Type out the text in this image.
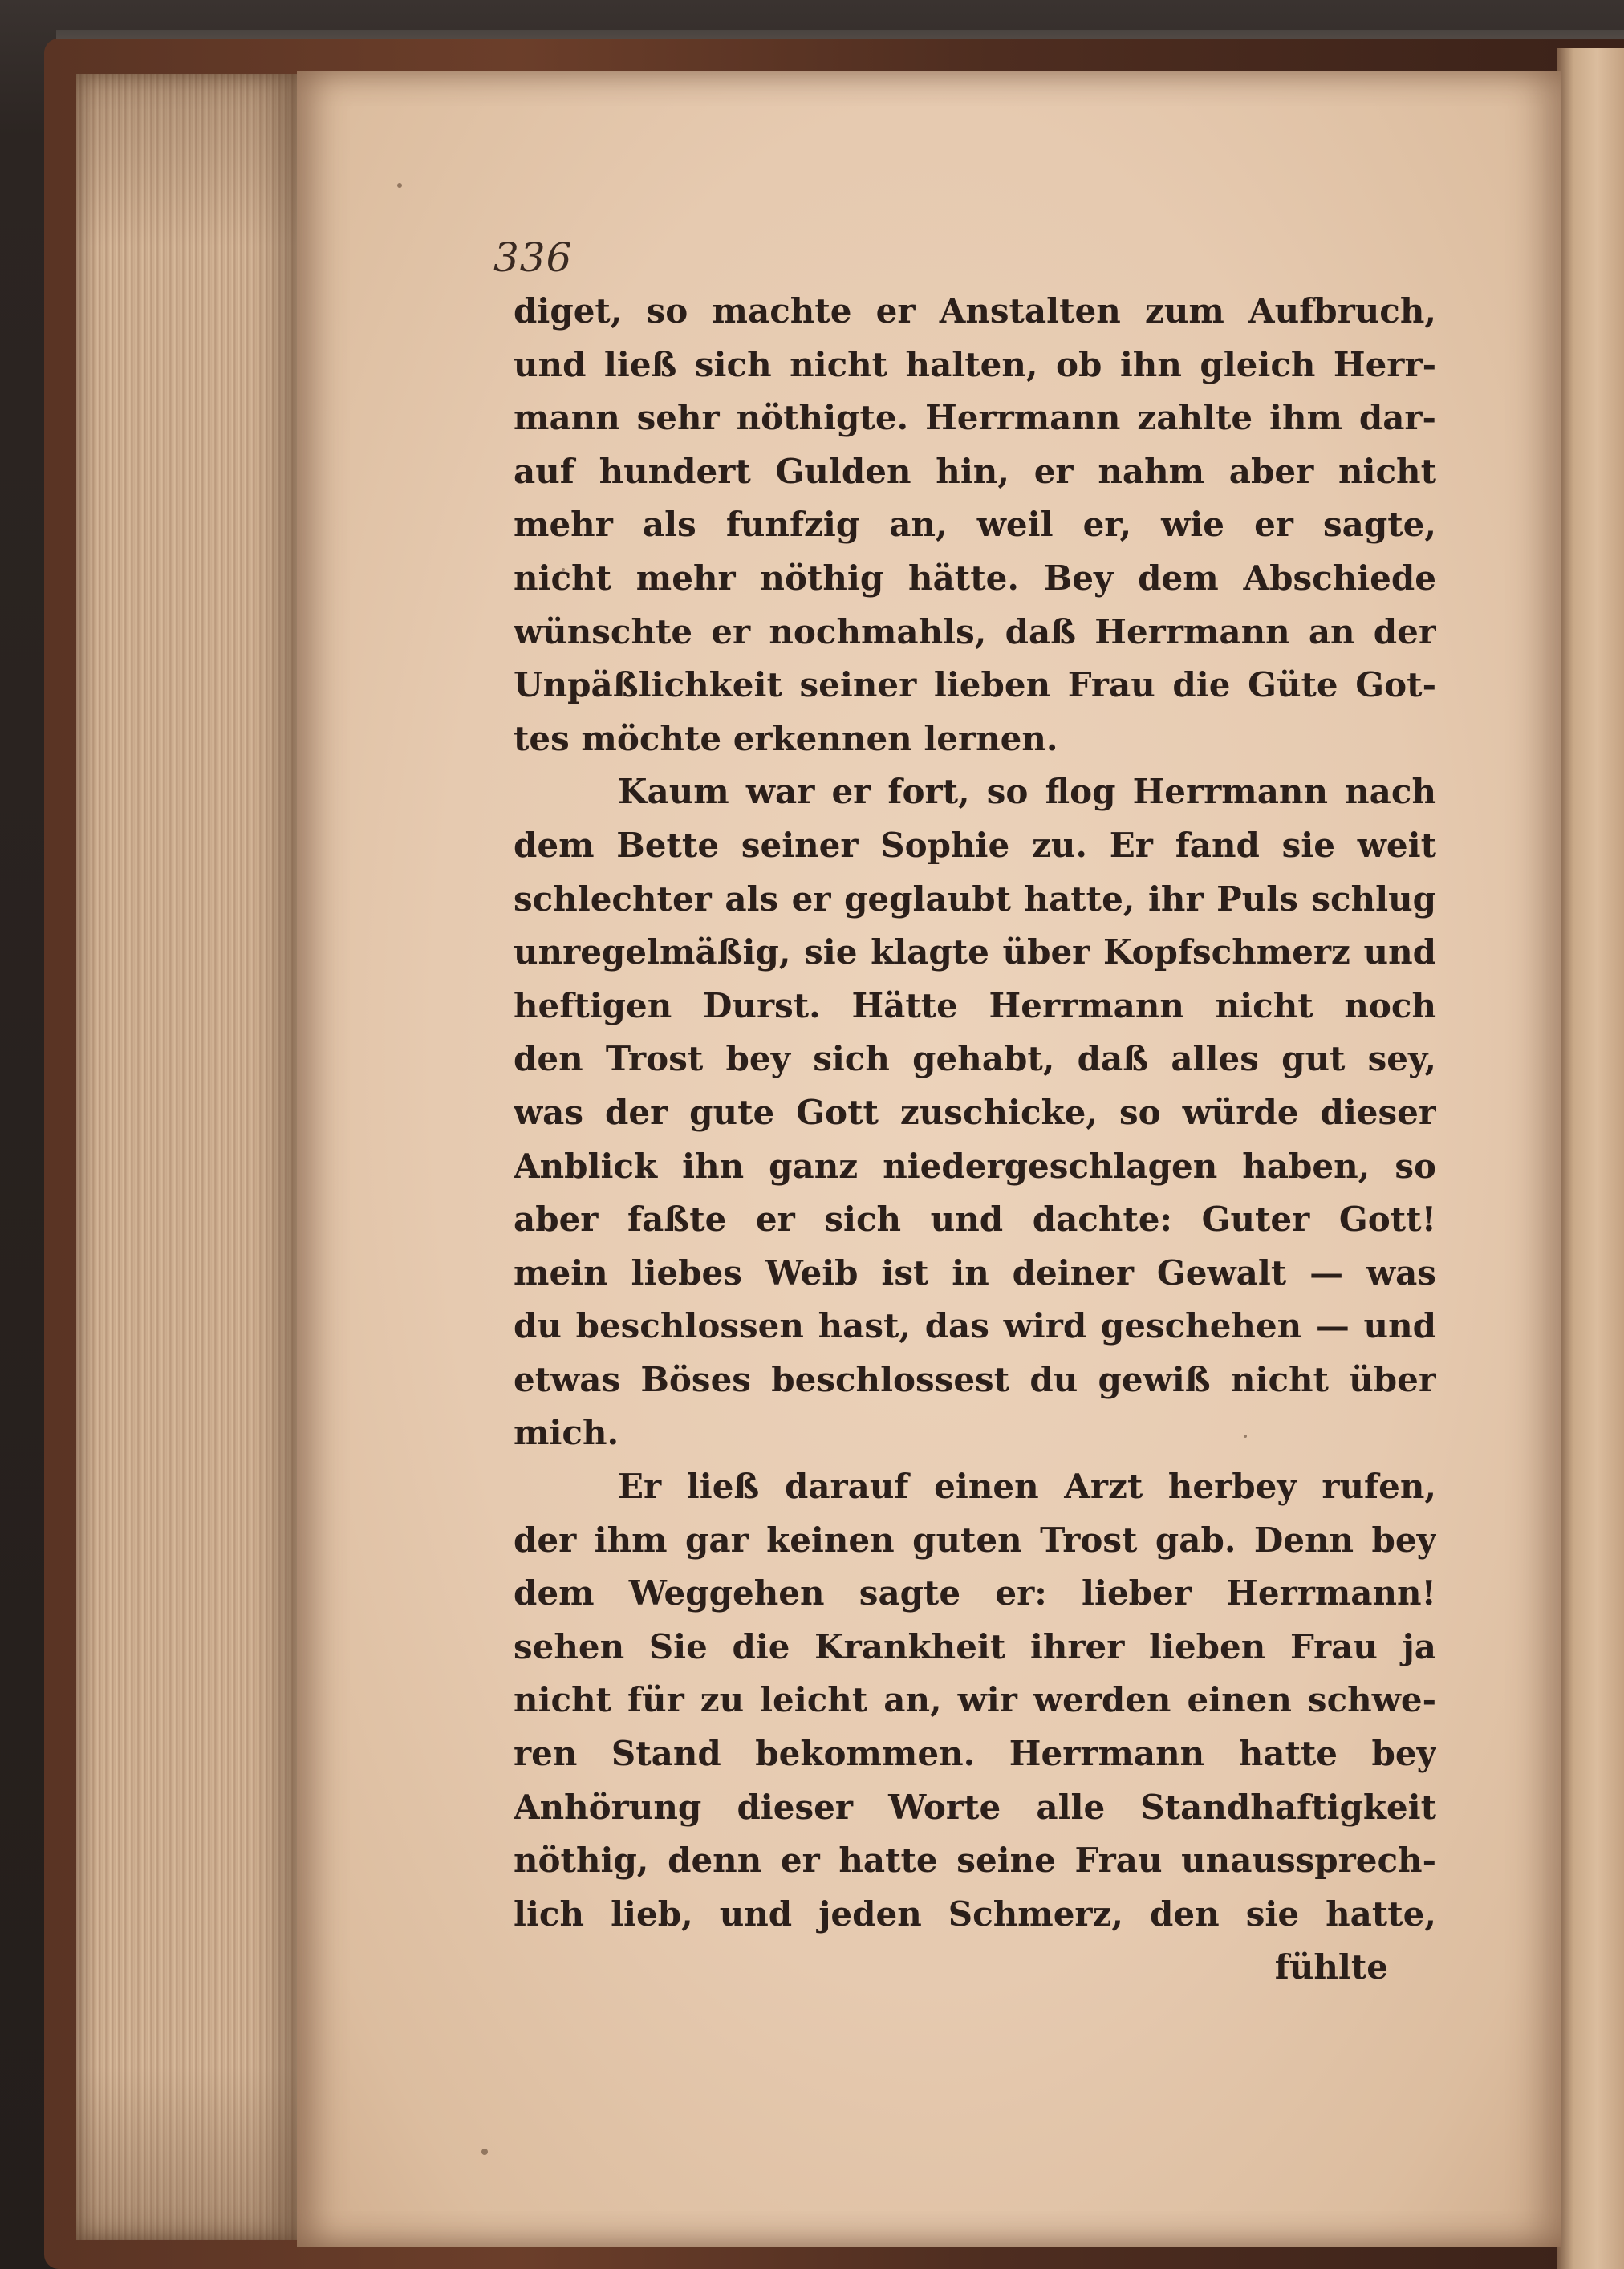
336
diget, so machte er Anstalten zum Aufbruch,
und ließ sich nicht halten, ob ihn gleich Herr-
mann sehr nöthigte. Herrmann zahlte ihm dar-
auf hundert Gulden hin, er nahm aber nicht
mehr als funfzig an, weil er, wie er sagte,
nicht mehr nöthig hätte. Bey dem Abschiede
wünschte er nochmahls, daß Herrmann an der
Unpäßlichkeit seiner lieben Frau die Güte Got-
tes möchte erkennen lernen.
Kaum war er fort, so flog Herrmann nach
dem Bette seiner Sophie zu. Er fand sie weit
schlechter als er geglaubt hatte, ihr Puls schlug
unregelmäßig, sie klagte über Kopfschmerz und
heftigen Durst. Hätte Herrmann nicht noch
den Trost bey sich gehabt, daß alles gut sey,
was der gute Gott zuschicke, so würde dieser
Anblick ihn ganz niedergeschlagen haben, so
aber faßte er sich und dachte: Guter Gott!
mein liebes Weib ist in deiner Gewalt — was
du beschlossen hast, das wird geschehen — und
etwas Böses beschlossest du gewiß nicht über
mich.
Er ließ darauf einen Arzt herbey rufen,
der ihm gar keinen guten Trost gab. Denn bey
dem Weggehen sagte er: lieber Herrmann!
sehen Sie die Krankheit ihrer lieben Frau ja
nicht für zu leicht an, wir werden einen schwe-
ren Stand bekommen. Herrmann hatte bey
Anhörung dieser Worte alle Standhaftigkeit
nöthig, denn er hatte seine Frau unaussprech-
lich lieb, und jeden Schmerz, den sie hatte,
fühlte
